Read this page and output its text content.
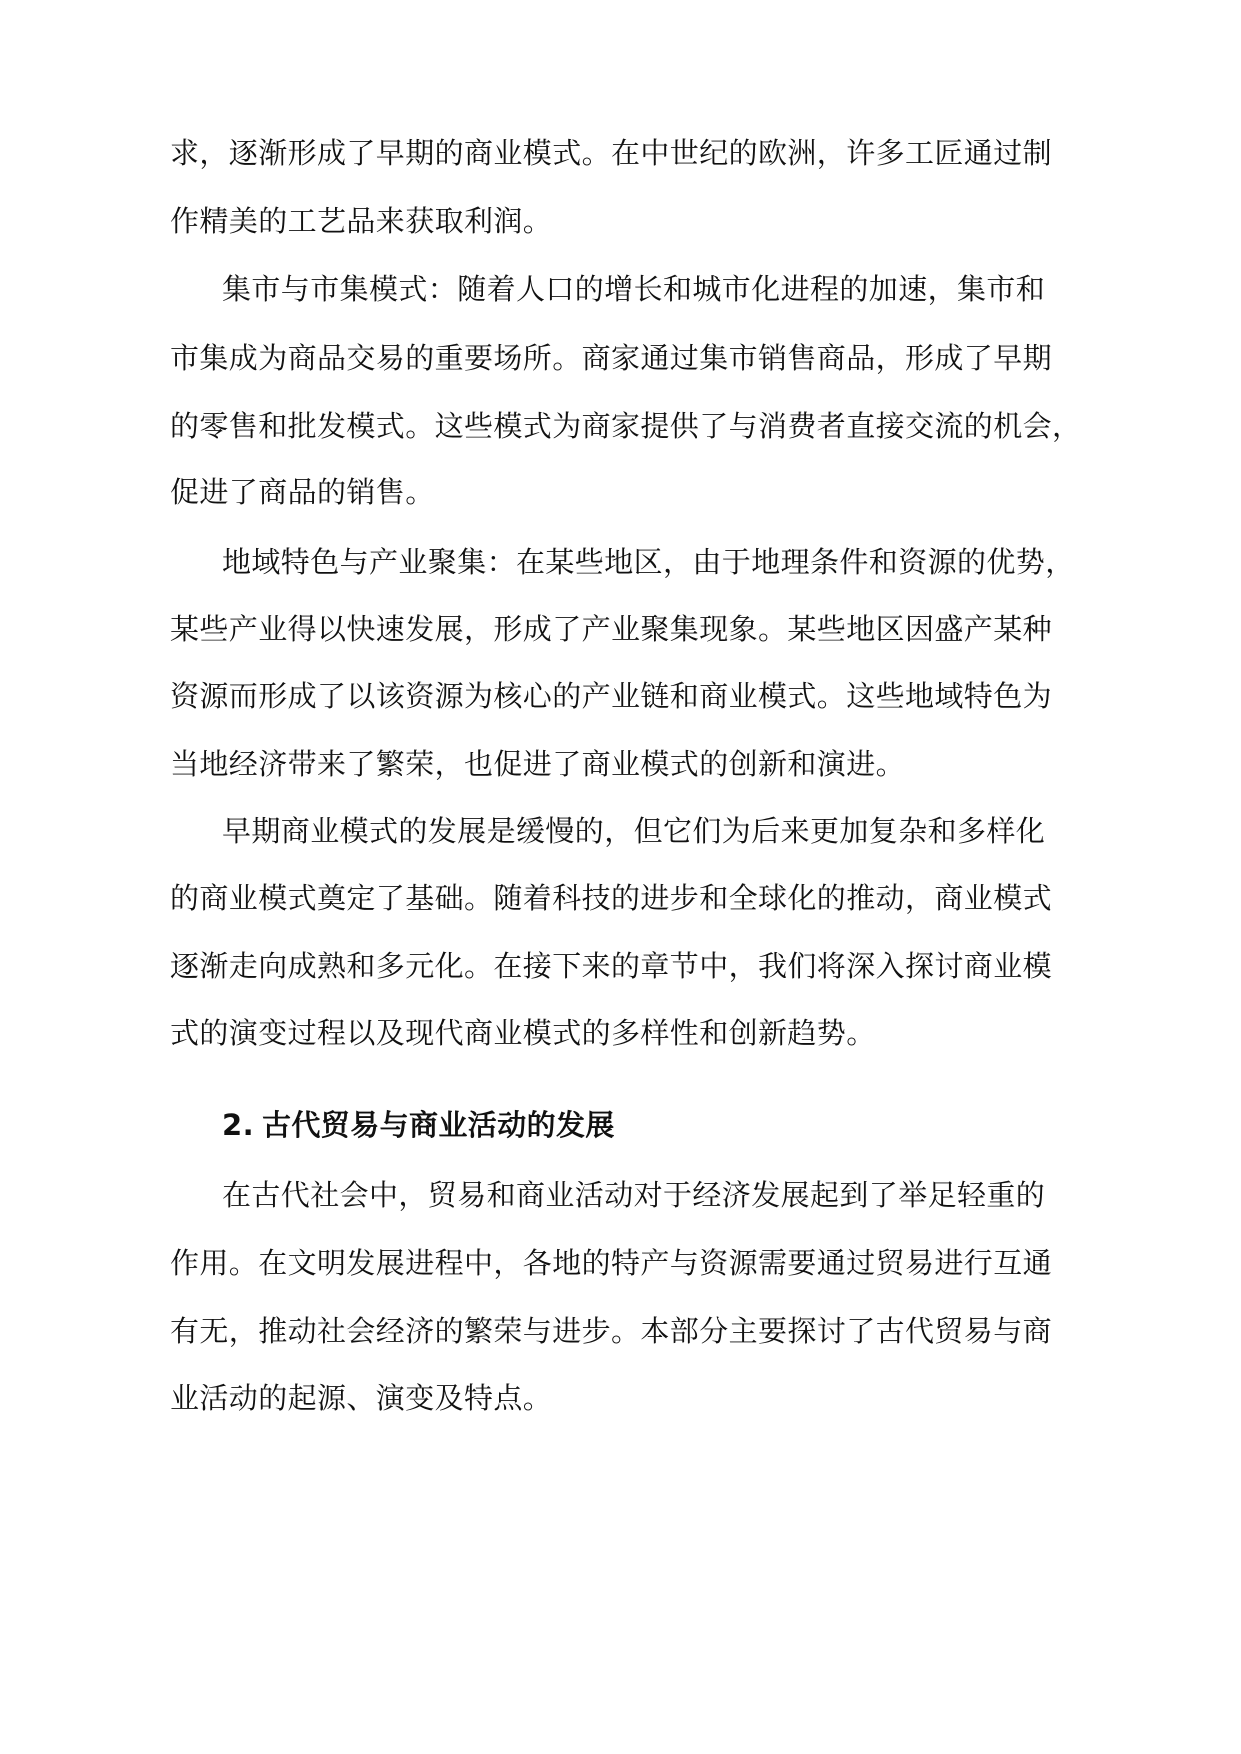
求，逐渐形成了早期的商业模式。在中世纪的欧洲，许多工匠通过制
作精美的工艺品来获取利润。
集市与市集模式：随着人口的增长和城市化进程的加速，集市和
市集成为商品交易的重要场所。商家通过集市销售商品，形成了早期
的零售和批发模式。这些模式为商家提供了与消费者直接交流的机会，
促进了商品的销售。
地域特色与产业聚集：在某些地区，由于地理条件和资源的优势，
某些产业得以快速发展，形成了产业聚集现象。某些地区因盛产某种
资源而形成了以该资源为核心的产业链和商业模式。这些地域特色为
当地经济带来了繁荣，也促进了商业模式的创新和演进。
早期商业模式的发展是缓慢的，但它们为后来更加复杂和多样化
的商业模式奠定了基础。随着科技的进步和全球化的推动，商业模式
逐渐走向成熟和多元化。在接下来的章节中，我们将深入探讨商业模
式的演变过程以及现代商业模式的多样性和创新趋势。
2. 古代贸易与商业活动的发展
在古代社会中，贸易和商业活动对于经济发展起到了举足轻重的
作用。在文明发展进程中，各地的特产与资源需要通过贸易进行互通
有无，推动社会经济的繁荣与进步。本部分主要探讨了古代贸易与商
业活动的起源、演变及特点。
